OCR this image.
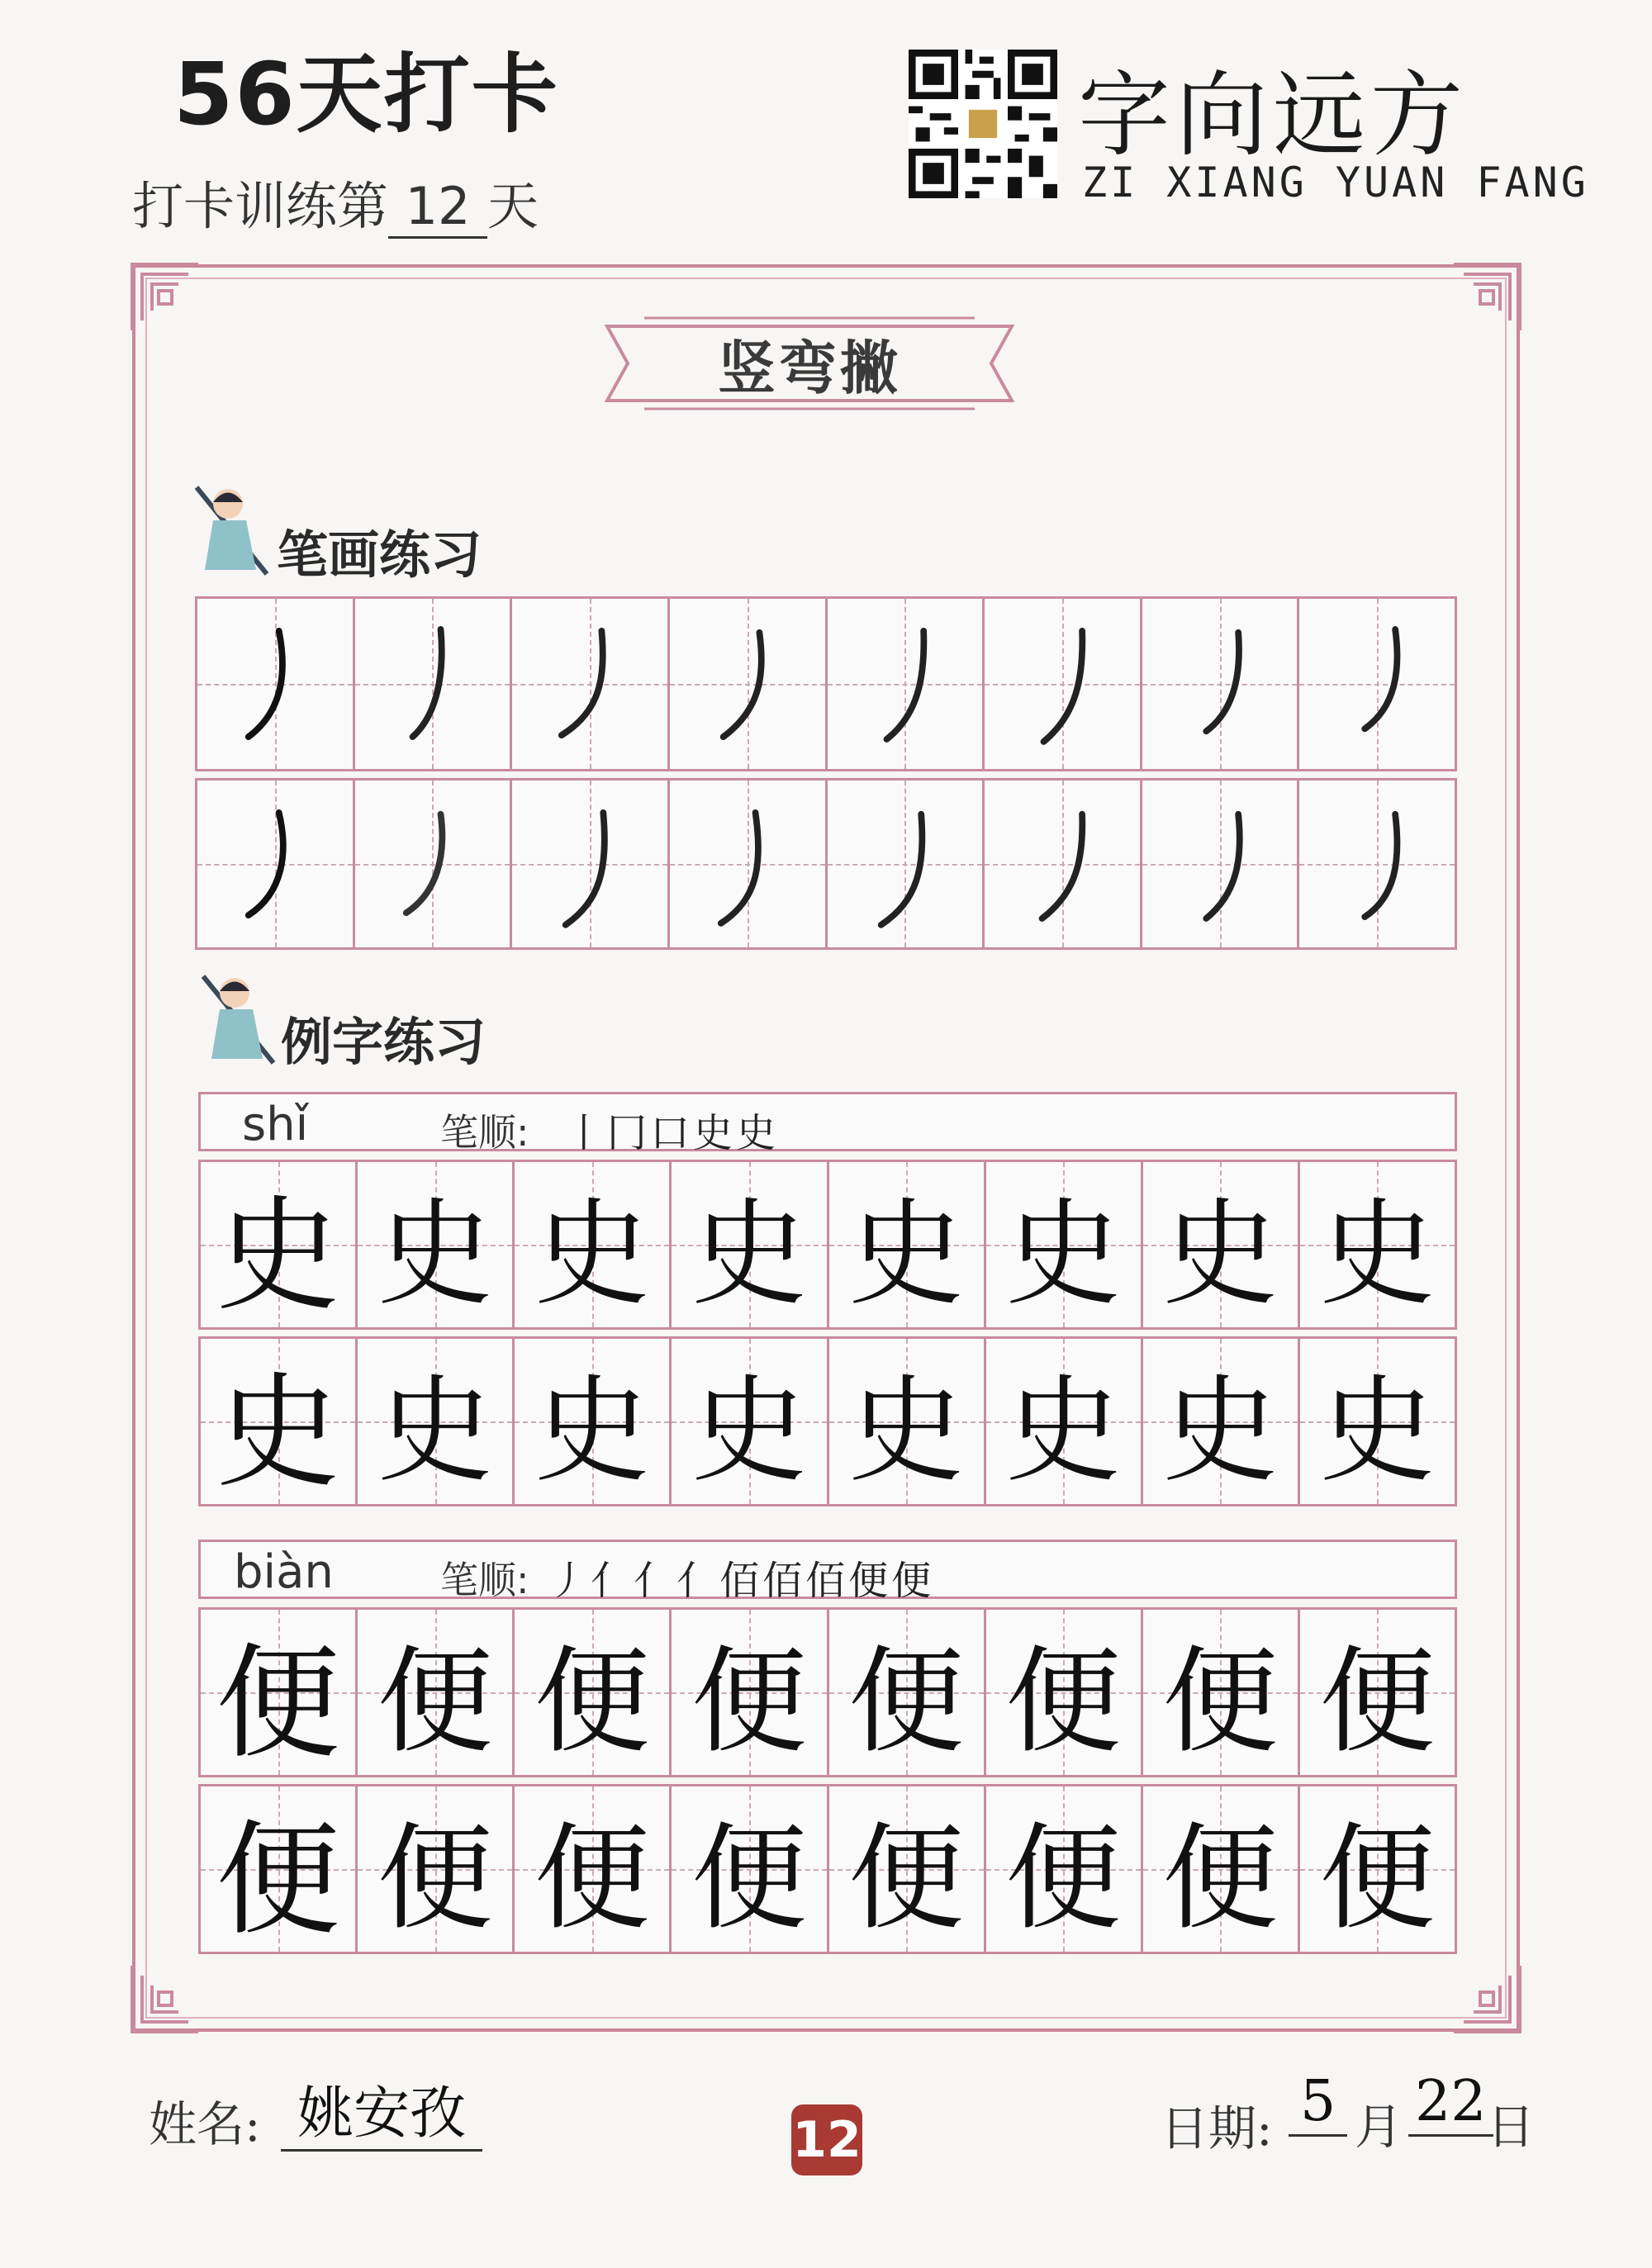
56天打卡
打卡训练第 12 天
字向远方
ZI XIANG YUAN FANG
竖弯撇
笔画练习
例字练习
shǐ	笔顺: 丨冂口史史
史 史 史 史 史 史 史 史
史 史 史 史 史 史 史 史
biàn	笔顺: 丿亻亻亻佰佰佰便便
便 便 便 便 便 便 便 便
便 便 便 便 便 便 便 便
姓名: 姚安孜	12	日期: 5 月 22 日
